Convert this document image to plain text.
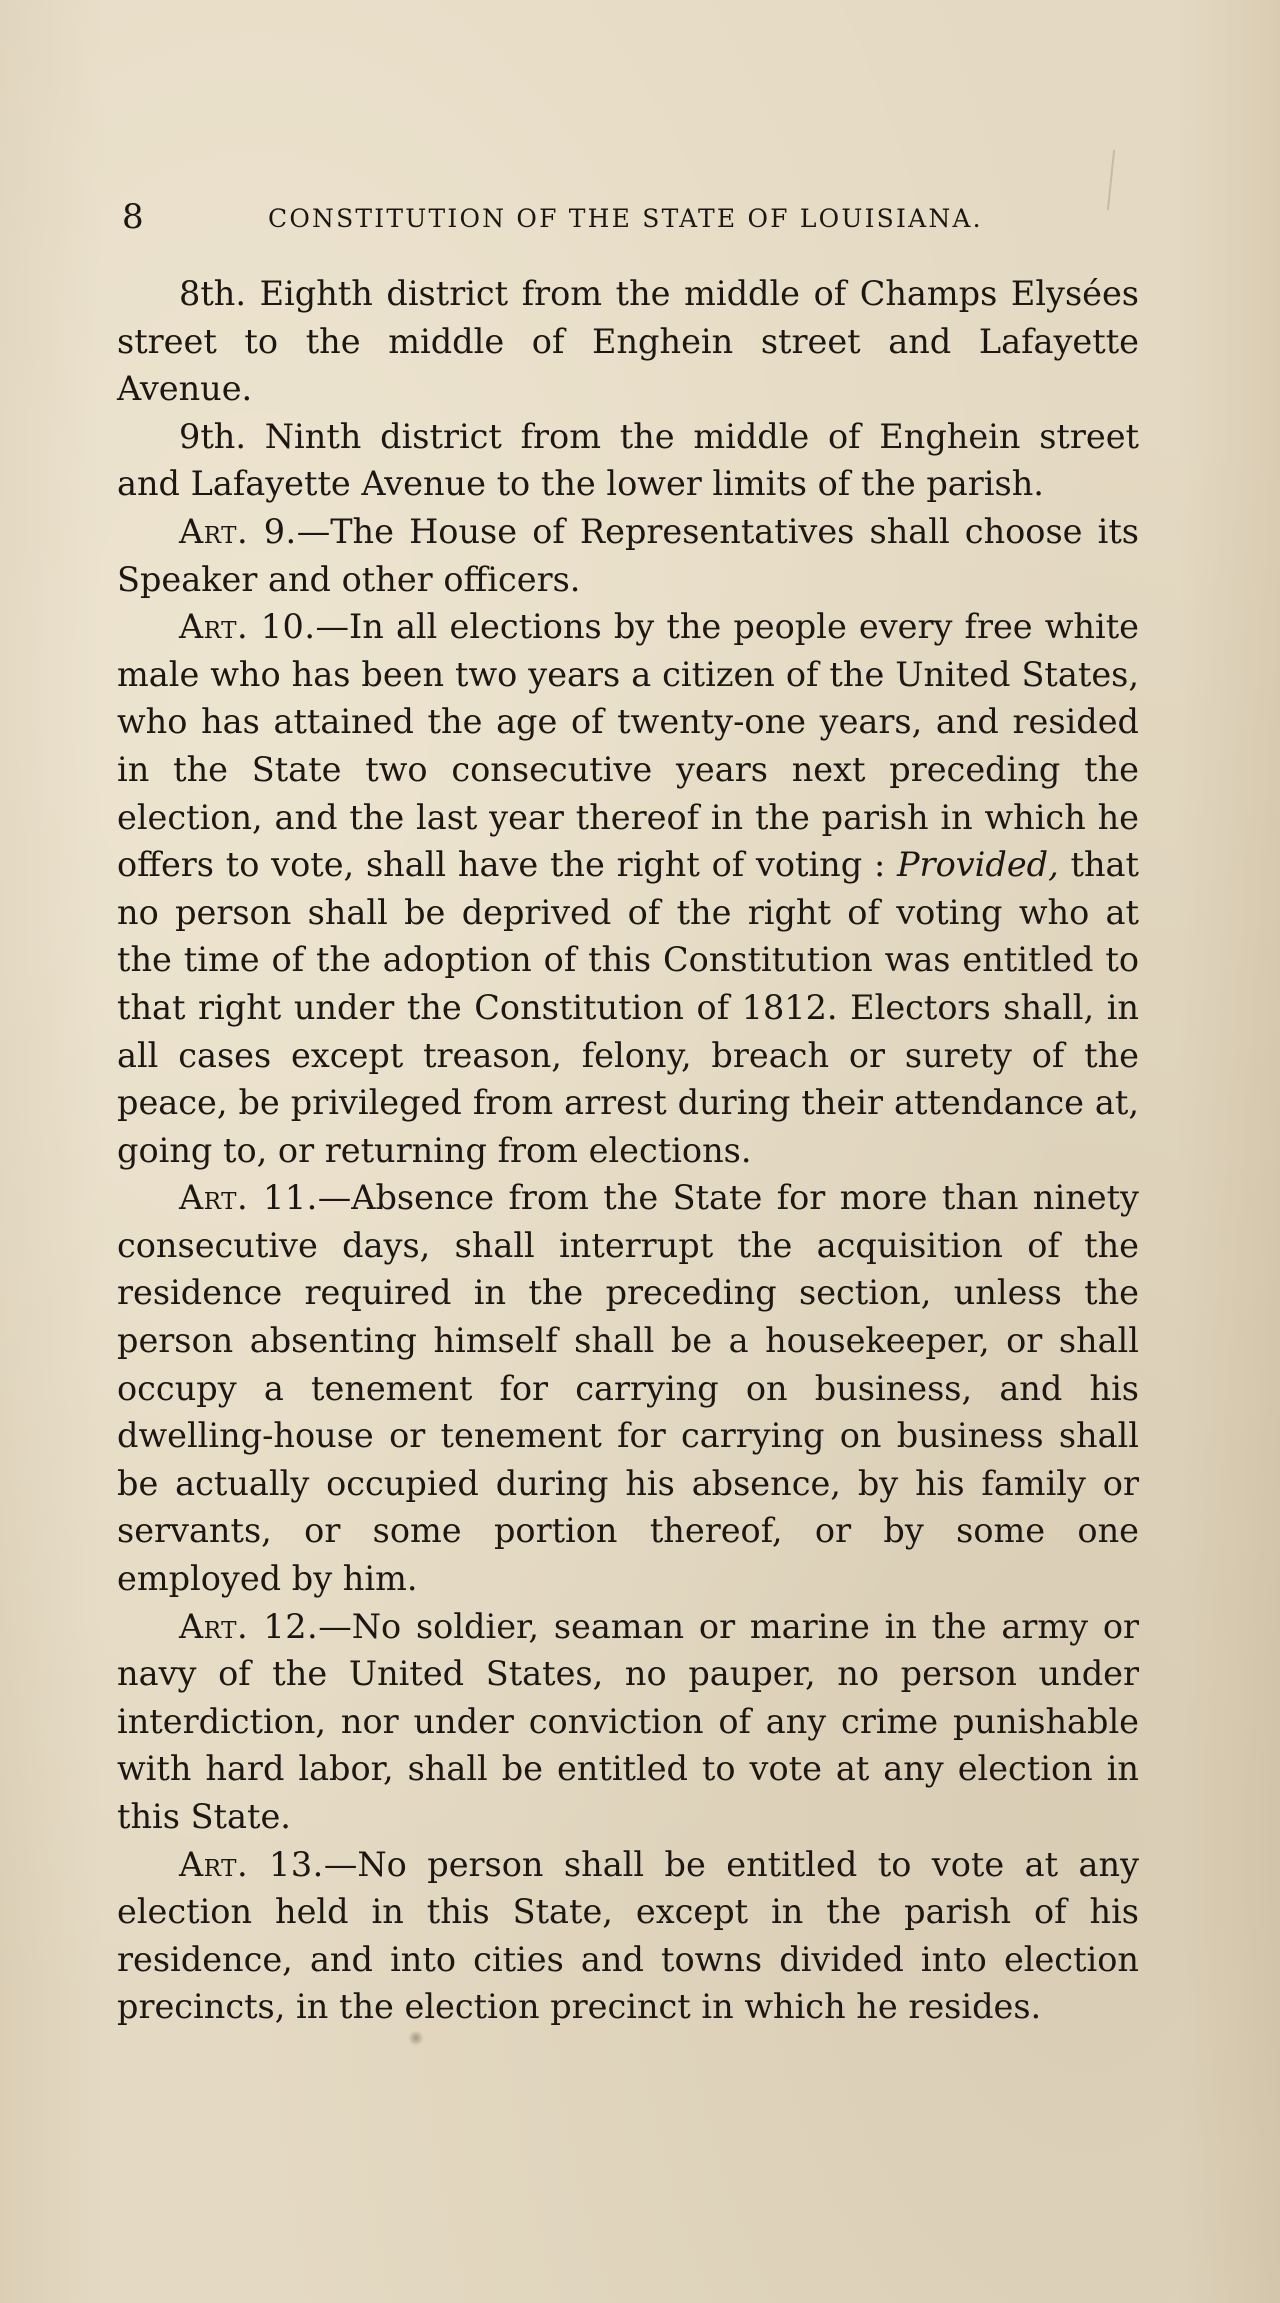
8	CONSTITUTION OF THE STATE OF LOUISIANA.

8th. Eighth district from the middle of Champs Elysées street to the middle of Enghein street and Lafayette Avenue.

9th. Ninth district from the middle of Enghein street and Lafayette Avenue to the lower limits of the parish.

Art. 9.—The House of Representatives shall choose its Speaker and other officers.

Art. 10.—In all elections by the people every free white male who has been two years a citizen of the United States, who has attained the age of twenty-one years, and resided in the State two consecutive years next preceding the election, and the last year thereof in the parish in which he offers to vote, shall have the right of voting : Provided, that no person shall be deprived of the right of voting who at the time of the adoption of this Constitution was entitled to that right under the Constitution of 1812. Electors shall, in all cases except treason, felony, breach or surety of the peace, be privileged from arrest during their attendance at, going to, or returning from elections.

Art. 11.—Absence from the State for more than ninety consecutive days, shall interrupt the acquisition of the residence required in the preceding section, unless the person absenting himself shall be a housekeeper, or shall occupy a tenement for carrying on business, and his dwelling-house or tenement for carrying on business shall be actually occupied during his absence, by his family or servants, or some portion thereof, or by some one employed by him.

Art. 12.—No soldier, seaman or marine in the army or navy of the United States, no pauper, no person under interdiction, nor under conviction of any crime punishable with hard labor, shall be entitled to vote at any election in this State.

Art. 13.—No person shall be entitled to vote at any election held in this State, except in the parish of his residence, and into cities and towns divided into election precincts, in the election precinct in which he resides.
